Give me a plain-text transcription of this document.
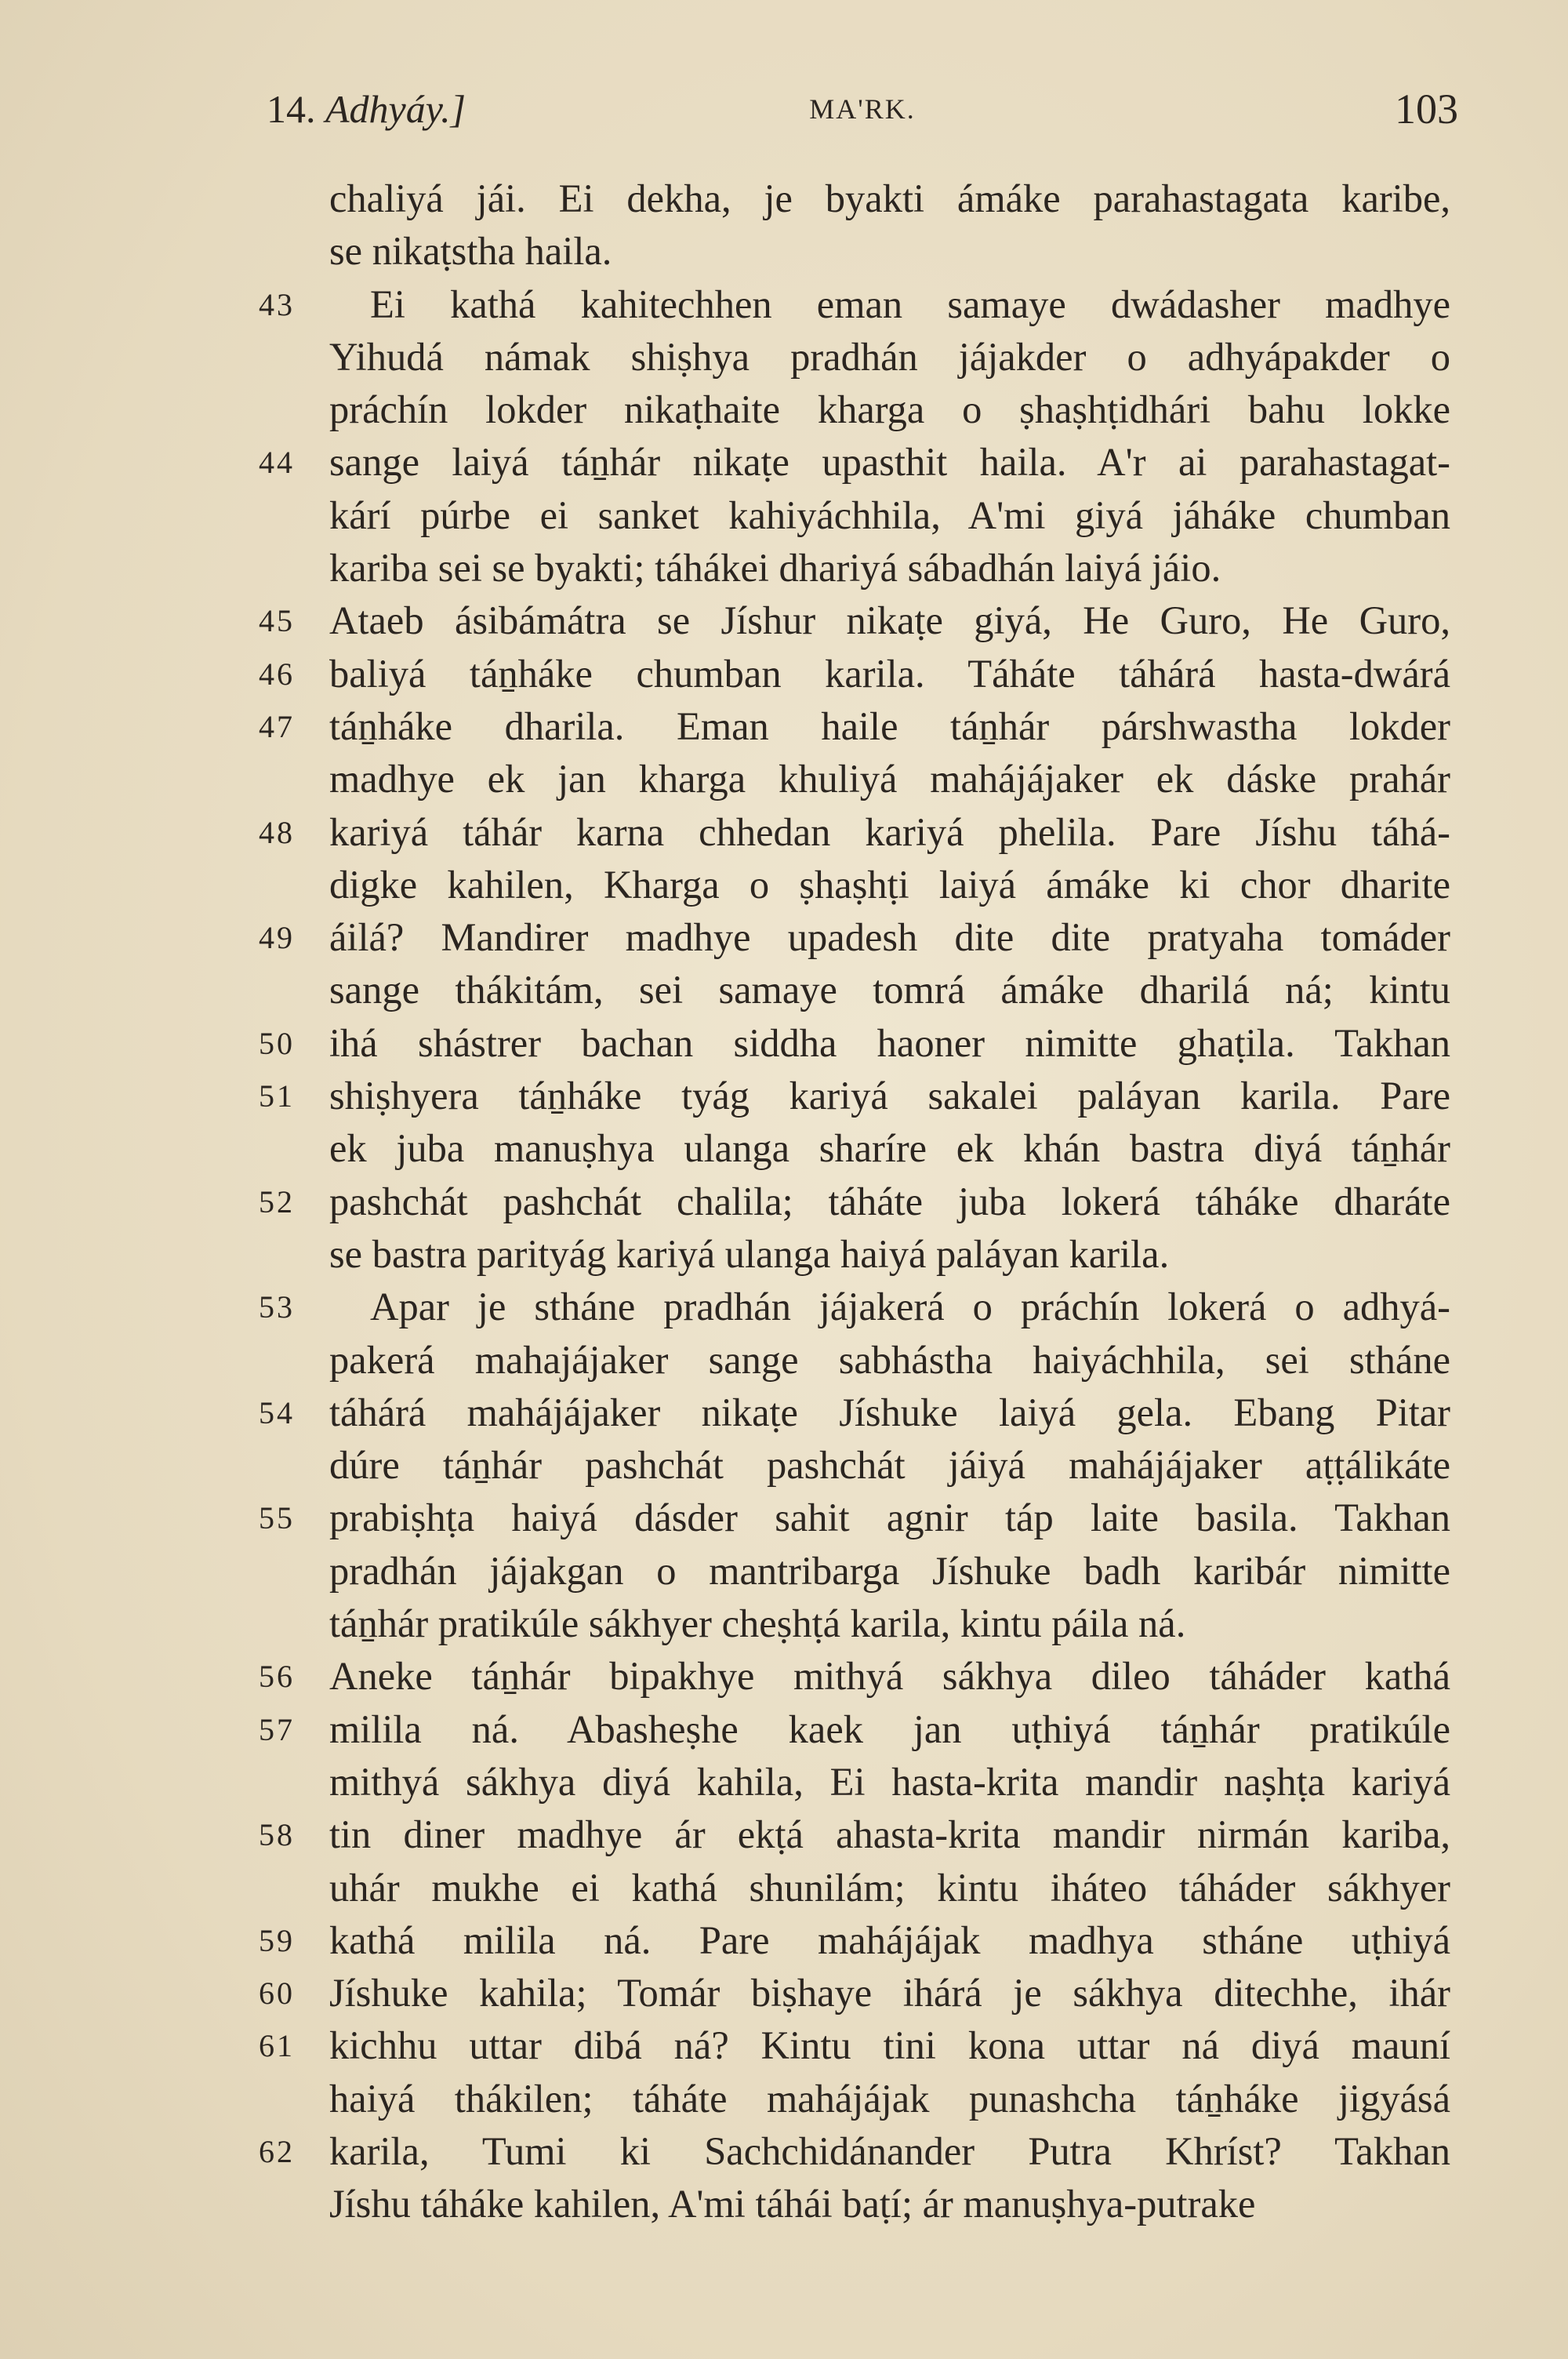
14. Adhyáy.]	MA'RK.	103
chaliyá jái. Ei dekha, je byakti ámáke parahastagata karibe,
se nikaṭstha haila.
43	Ei kathá kahitechhen eman samaye dwádasher madhye
Yihudá námak shiṣhya pradhán jájakder o adhyápakder o
práchín lokder nikaṭhaite kharga o ṣhaṣhṭidhári bahu lokke
44 sange laiyá táṉhár nikaṭe upasthit haila. A'r ai parahastagat-
kárí púrbe ei sanket kahiyáchhila, A'mi giyá jáháke chumban
kariba sei se byakti; táhákei dhariyá sábadhán laiyá jáio.
45 Ataeb ásibámátra se Jíshur nikaṭe giyá, He Guro, He Guro,
46 baliyá táṉháke chumban karila. Táháte táhárá hasta-dwárá
47 táṉháke dharila. Eman haile táṉhár párshwastha lokder
madhye ek jan kharga khuliyá mahájájaker ek dáske prahár
48 kariyá táhár karna chhedan kariyá phelila. Pare Jíshu táhá-
digke kahilen, Kharga o ṣhaṣhṭi laiyá ámáke ki chor dharite
49 áilá? Mandirer madhye upadesh dite dite pratyaha tomáder
sange thákitám, sei samaye tomrá ámáke dharilá ná; kintu
50 ihá shástrer bachan siddha haoner nimitte ghaṭila. Takhan
51 shiṣhyera táṉháke tyág kariyá sakalei paláyan karila. Pare
ek juba manuṣhya ulanga sharíre ek khán bastra diyá táṉhár
52 pashchát pashchát chalila; táháte juba lokerá táháke dharáte
se bastra parityág kariyá ulanga haiyá paláyan karila.
53	Apar je stháne pradhán jájakerá o práchín lokerá o adhyá-
pakerá mahajájaker sange sabhástha haiyáchhila, sei stháne
54 táhárá mahájájaker nikaṭe Jíshuke laiyá gela. Ebang Pitar
dúre táṉhár pashchát pashchát jáiyá mahájájaker aṭṭálikáte
55 prabiṣhṭa haiyá dásder sahit agnir táp laite basila. Takhan
pradhán jájakgan o mantribarga Jíshuke badh karibár nimitte
táṉhár pratikúle sákhyer cheṣhṭá karila, kintu páila ná.
56 Aneke táṉhár bipakhye mithyá sákhya dileo táháder kathá
57 milila ná. Abasheṣhe kaek jan uṭhiyá táṉhár pratikúle
mithyá sákhya diyá kahila, Ei hasta-krita mandir naṣhṭa kariyá
58 tin diner madhye ár ekṭá ahasta-krita mandir nirmán kariba,
uhár mukhe ei kathá shunilám; kintu iháteo táháder sákhyer
59 kathá milila ná. Pare mahájájak madhya stháne uṭhiyá
60 Jíshuke kahila; Tomár biṣhaye ihárá je sákhya ditechhe, ihár
61 kichhu uttar dibá ná? Kintu tini kona uttar ná diyá mauní
haiyá thákilen; táháte mahájájak punashcha táṉháke jigyásá
62 karila, Tumi ki Sachchidánander Putra Khríst? Takhan
Jíshu táháke kahilen, A'mi táhái baṭí; ár manuṣhya-putrake
